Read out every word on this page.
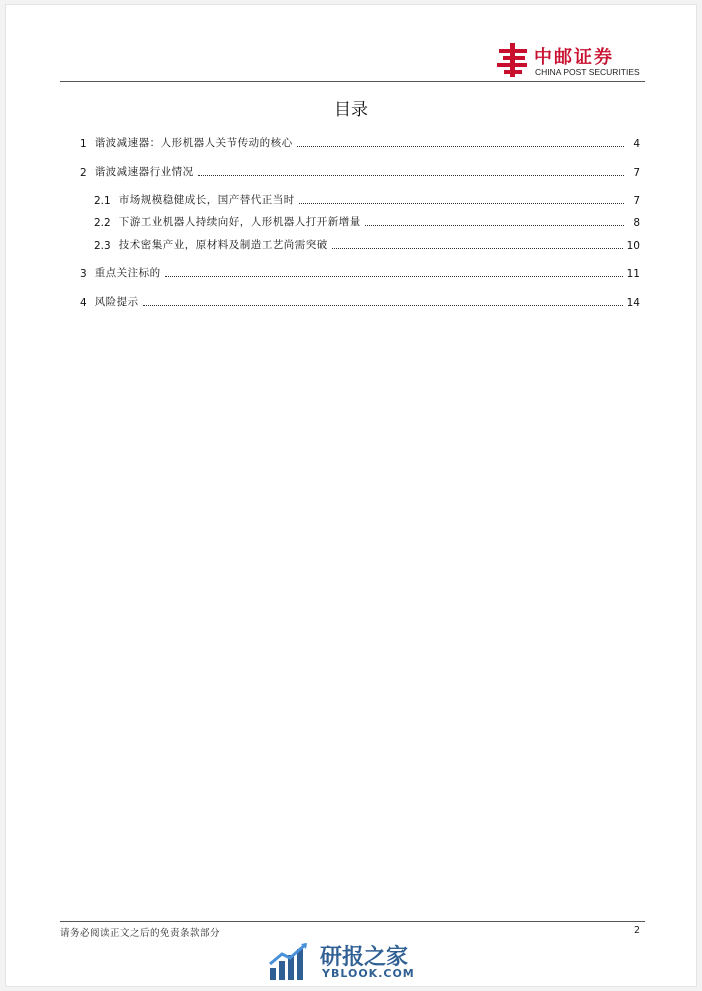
中邮证券
CHINA POST SECURITIES
目录
1 谐波减速器：人形机器人关节传动的核心	4
2 谐波减速器行业情况	7
2.1 市场规模稳健成长，国产替代正当时	7
2.2 下游工业机器人持续向好，人形机器人打开新增量	8
2.3 技术密集产业，原材料及制造工艺尚需突破	10
3 重点关注标的	11
4 风险提示	14
请务必阅读正文之后的免责条款部分	2
研报之家
YBLOOK.COM
